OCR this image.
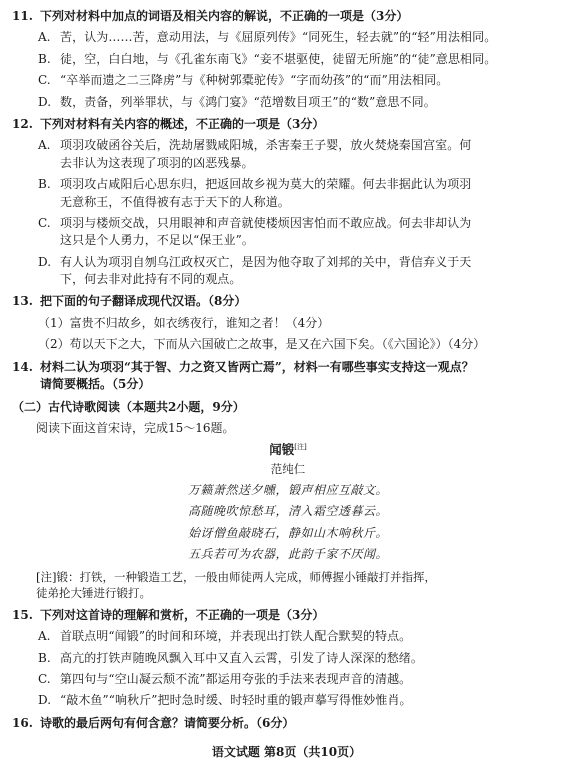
11. 下列对材料中加点的词语及相关内容的解说，不正确的一项是（3分）
A. 苦，认为……苦，意动用法，与《屈原列传》“同死生，轻去就”的“轻”用法相同。
B. 徒，空，白白地，与《孔雀东南飞》“妾不堪驱使，徒留无所施”的“徒”意思相同。
C. “卒举而遗之二三降虏”与《种树郭橐驼传》“字而幼孩”的“而”用法相同。
D. 数，责备，列举罪状，与《鸿门宴》“范增数目项王”的“数”意思不同。
12. 下列对材料有关内容的概述，不正确的一项是（3分）
A. 项羽攻破函谷关后，洗劫屠戮咸阳城，杀害秦王子婴，放火焚烧秦国宫室。何
去非认为这表现了项羽的凶恶残暴。
B. 项羽攻占咸阳后心思东归，把返回故乡视为莫大的荣耀。何去非据此认为项羽
无意称王，不值得被有志于天下的人称道。
C. 项羽与楼烦交战，只用眼神和声音就使楼烦因害怕而不敢应战。何去非却认为
这只是个人勇力，不足以“保王业”。
D. 有人认为项羽自刎乌江政权灭亡，是因为他夺取了刘邦的关中，背信弃义于天
下，何去非对此持有不同的观点。
13. 把下面的句子翻译成现代汉语。（8分）
（1）富贵不归故乡，如衣绣夜行，谁知之者！（4分）
（2）苟以天下之大，下而从六国破亡之故事，是又在六国下矣。（《六国论》）（4分）
14. 材料二认为项羽“其于智、力之资又皆两亡焉”，材料一有哪些事实支持这一观点？
请简要概括。（5分）
（二）古代诗歌阅读（本题共2小题，9分）
阅读下面这首宋诗，完成15～16题。
闻锻[注]
范纯仁
万籁萧然送夕曛，锻声相应互敲文。
高随晚吹惊愁耳，清入霜空透暮云。
始讶僧鱼敲晓石，静如山木响秋斤。
五兵若可为农器，此韵千家不厌闻。
[注]锻：打铁，一种锻造工艺，一般由师徒两人完成，师傅握小锤敲打并指挥，
徒弟抡大锤进行锻打。
15. 下列对这首诗的理解和赏析，不正确的一项是（3分）
A. 首联点明“闻锻”的时间和环境，并表现出打铁人配合默契的特点。
B. 高亢的打铁声随晚风飘入耳中又直入云霄，引发了诗人深深的愁绪。
C. 第四句与“空山凝云颓不流”都运用夸张的手法来表现声音的清越。
D. “敲木鱼”“响秋斤”把时急时缓、时轻时重的锻声摹写得惟妙惟肖。
16. 诗歌的最后两句有何含意？请简要分析。（6分）
语文试题 第8页（共10页）
